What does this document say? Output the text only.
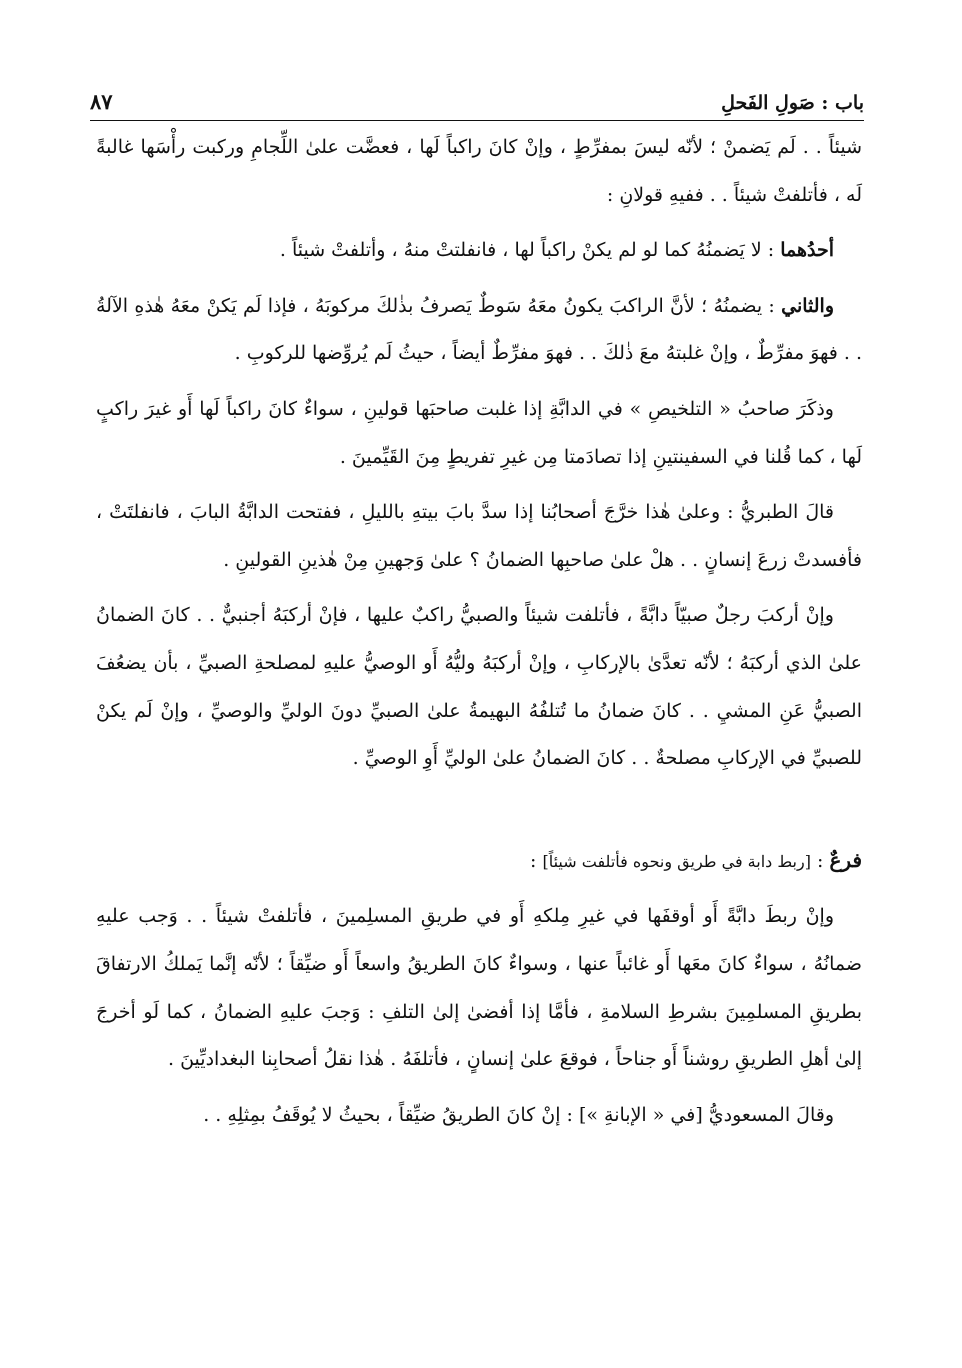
باب : صَولِ الفَحلِ
٨٧

شيئاً . . لَم يَضمنْ ؛ لأنّه ليسَ بمفرِّطٍ ، وإنْ كانَ راكباً لَها ، فعضَّت علىٰ اللِّجامِ وركبت رأْسَها غالبةً لَه ، فأتلفتْ شيئاً . . ففيهِ قولانِ :

أحدُهما : لا يَضمنُهُ كما لو لم يكنْ راكباً لها ، فانفلتتْ منهُ ، وأتلفتْ شيئاً .

والثاني : يضمنُهُ ؛ لأنَّ الراكبَ يكونُ معَهُ سَوطٌ يَصرفُ بذٰلكَ مركوبَهُ ، فإذا لَم يَكنْ معَهُ هٰذهِ الآلةُ . . فهوَ مفرِّطٌ ، وإنْ غلبتهُ معَ ذٰلكَ . . فهوَ مفرِّطٌ أيضاً ، حيثُ لَم يُروِّضها للركوبِ .

وذكَرَ صاحبُ « التلخيصِ » في الدابَّةِ إذا غلبت صاحبَها قولينِ ، سواءٌ كانَ راكباً لَها أَو غيرَ راكبٍ لَها ، كما قُلنا في السفينتينِ إذا تصادَمتا مِن غيرِ تفريطٍ مِنَ القَيِّمينَ .

قالَ الطبريُّ : وعلىٰ هٰذا خرَّجَ أصحابُنا إذا سدَّ بابَ بيتهِ بالليلِ ، ففتحت الدابَّةُ البابَ ، فانفلتَتْ ، فأفسدتْ زرعَ إنسانٍ . . هلْ علىٰ صاحبِها الضمانُ ؟ علىٰ وَجهينِ مِنْ هٰذينِ القولينِ .

وإنْ أركبَ رجلٌ صبيّاً دابَّةً ، فأتلفت شيئاً والصبيُّ راكبٌ عليها ، فإنْ أركبَهُ أجنبيٌّ . . كانَ الضمانُ علىٰ الذي أركبَهُ ؛ لأنّه تعدَّىٰ بالإركابِ ، وإنْ أركبَهُ وليُّهُ أَو الوصيُّ عليهِ لمصلحةِ الصبيِّ ، بأن يضعُفَ الصبيُّ عَنِ المشيِ . . كانَ ضمانُ ما تُتلفُهُ البهيمةُ علىٰ الصبيِّ دونَ الوليِّ والوصيِّ ، وإنْ لَم يكنْ للصبيِّ في الإركابِ مصلحةٌ . . كانَ الضمانُ علىٰ الوليِّ أَوِ الوصيِّ .

فرعٌ : [ربط دابة في طريق ونحوه فأتلفت شيئاً] :

وإنْ ربطَ دابَّةً أَو أوقفَها في غيرِ مِلكهِ أَو في طريقِ المسلِمينَ ، فأتلفتْ شيئاً . . وَجب عليهِ ضمانُهُ ، سواءٌ كانَ معَها أَو غائباً عنها ، وسواءٌ كانَ الطريقُ واسعاً أَو ضيِّقاً ؛ لأنّه إنَّما يَملكُ الارتفاقَ بطريقِ المسلمِينَ بشرطِ السلامةِ ، فأمَّا إذا أفضىٰ إلىٰ التلفِ : وَجبَ عليهِ الضمانُ ، كما لَو أخرجَ إلىٰ أهلِ الطريقِ روشناً أَو جناحاً ، فوقعَ علىٰ إنسانٍ ، فأتلفَهُ . هٰذا نقلُ أصحابِنا البغداديِّينَ .

وقالَ المسعوديُّ [في « الإبانةِ »] : إنْ كانَ الطريقُ ضيِّقاً ، بحيثُ لا يُوقَفُ بمِثلِهِ . .
